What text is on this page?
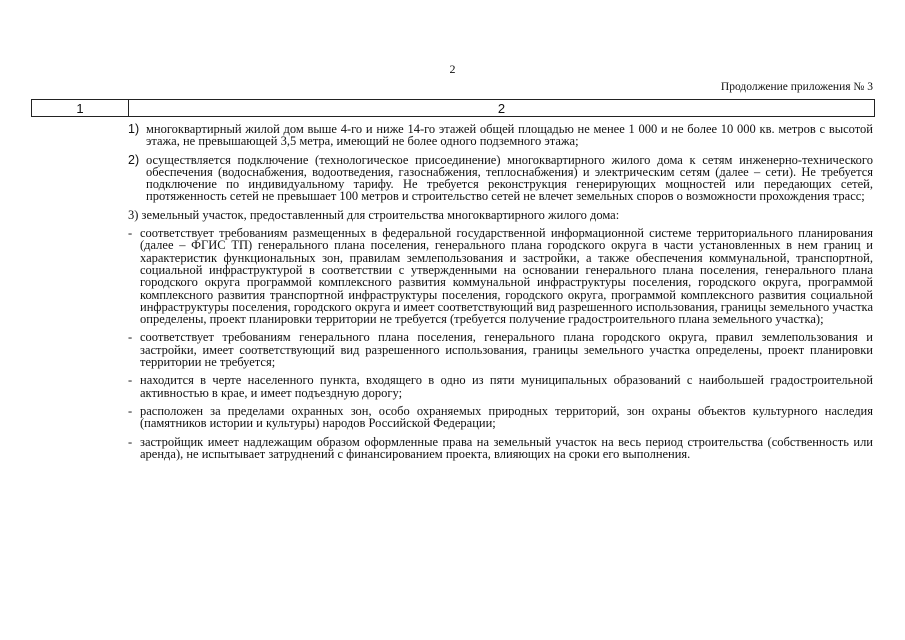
2
Продолжение приложения № 3
1	2
1) многоквартирный жилой дом выше 4-го и ниже 14-го этажей общей площадью не менее 1 000 и не более 10 000 кв. метров с высотой этажа, не превышающей 3,5 метра, имеющий не более одного подземного этажа;
2) осуществляется подключение (технологическое присоединение) многоквартирного жилого дома к сетям инженерно-технического обеспечения (водоснабжения, водоотведения, газоснабжения, теплоснабжения) и электрическим сетям (далее – сети). Не требуется подключение по индивидуальному тарифу. Не требуется реконструкция генерирующих мощностей или передающих сетей, протяженность сетей не превышает 100 метров и строительство сетей не влечет земельных споров о возможности прохождения трасс;
3) земельный участок, предоставленный для строительства многоквартирного жилого дома:
- соответствует требованиям размещенных в федеральной государственной информационной системе территориального планирования (далее – ФГИС ТП) генерального плана поселения, генерального плана городского округа в части установленных в нем границ и характеристик функциональных зон, правилам землепользования и застройки, а также обеспечения коммунальной, транспортной, социальной инфраструктурой в соответствии с утвержденными на основании генерального плана поселения, генерального плана городского округа программой комплексного развития коммунальной инфраструктуры поселения, городского округа, программой комплексного развития транспортной инфраструктуры поселения, городского округа, программой комплексного развития социальной инфраструктуры поселения, городского округа и имеет соответствующий вид разрешенного использования, границы земельного участка определены, проект планировки территории не требуется (требуется получение градостроительного плана земельного участка);
- соответствует требованиям генерального плана поселения, генерального плана городского округа, правил землепользования и застройки, имеет соответствующий вид разрешенного использования, границы земельного участка определены, проект планировки территории не требуется;
- находится в черте населенного пункта, входящего в одно из пяти муниципальных образований с наибольшей градостроительной активностью в крае, и имеет подъездную дорогу;
- расположен за пределами охранных зон, особо охраняемых природных территорий, зон охраны объектов культурного наследия (памятников истории и культуры) народов Российской Федерации;
- застройщик имеет надлежащим образом оформленные права на земельный участок на весь период строительства (собственность или аренда), не испытывает затруднений с финансированием проекта, влияющих на сроки его выполнения.
